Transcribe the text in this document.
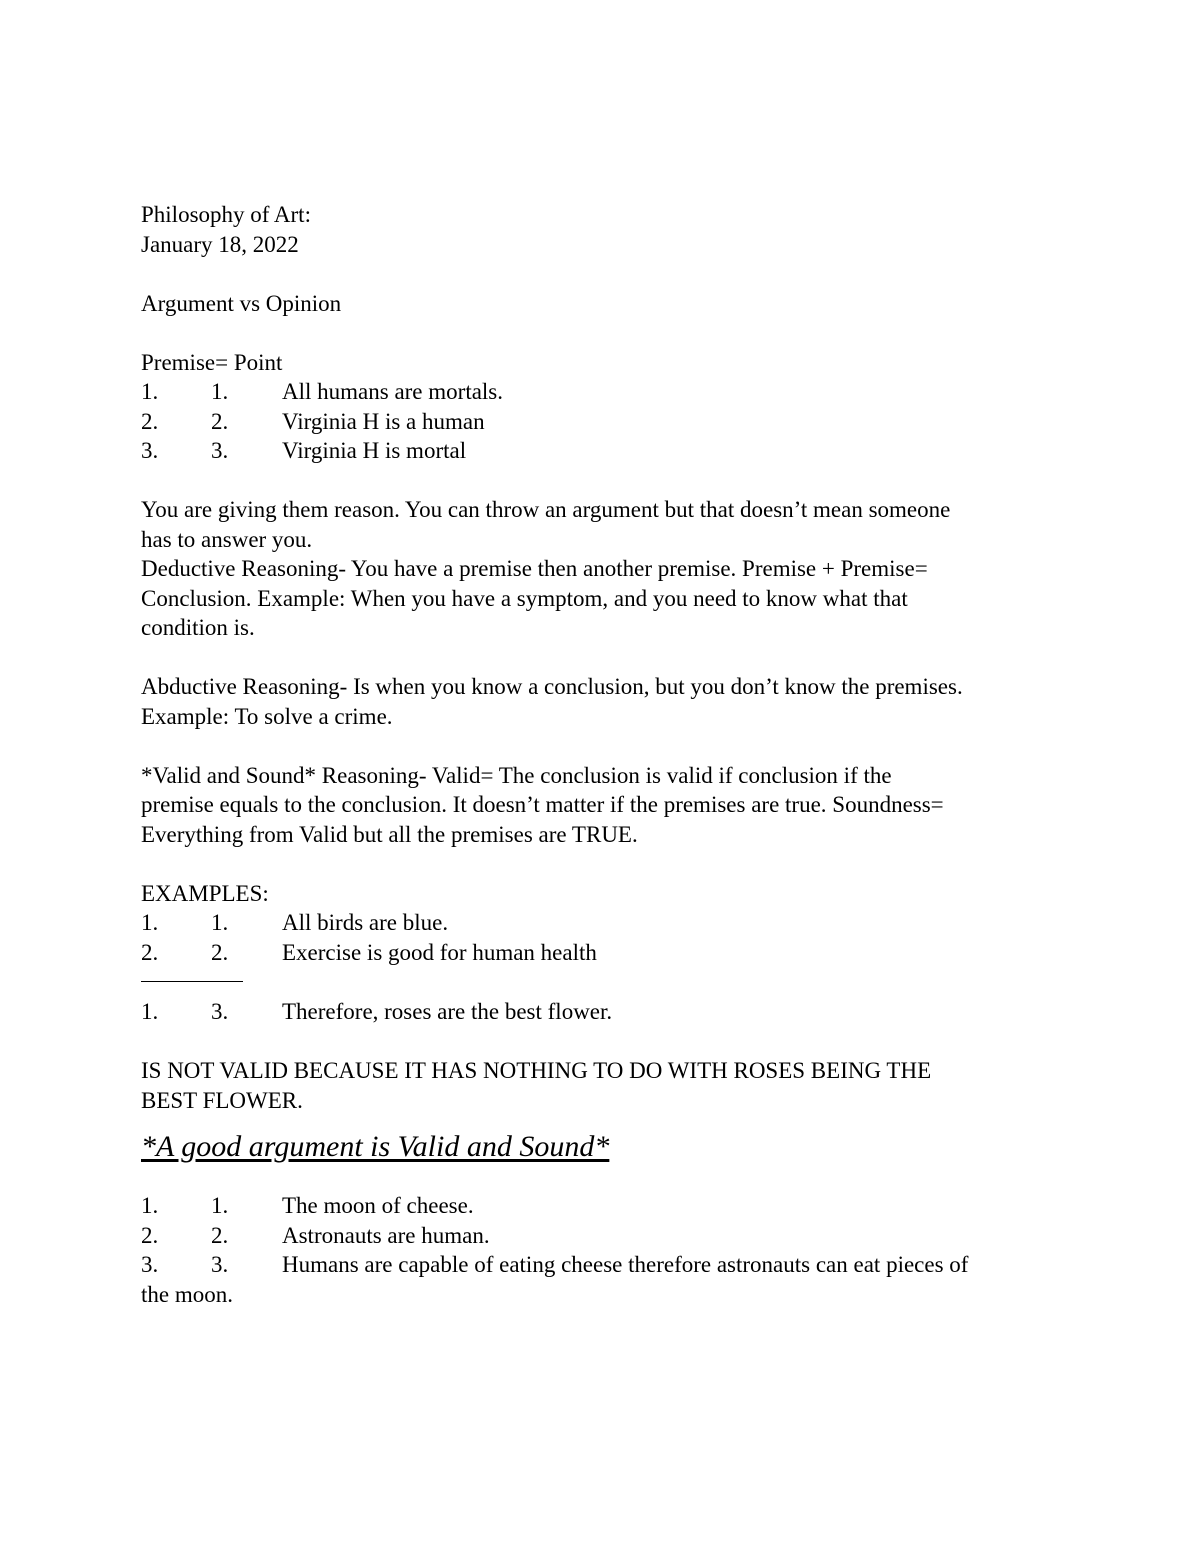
Philosophy of Art:
January 18, 2022
Argument vs Opinion
Premise= Point
1.	1.	All humans are mortals.
2.	2.	Virginia H is a human
3.	3.	Virginia H is mortal
You are giving them reason. You can throw an argument but that doesn’t mean someone
has to answer you.
Deductive Reasoning- You have a premise then another premise. Premise + Premise=
Conclusion. Example: When you have a symptom, and you need to know what that
condition is.
Abductive Reasoning- Is when you know a conclusion, but you don’t know the premises.
Example: To solve a crime.
*Valid and Sound* Reasoning- Valid= The conclusion is valid if conclusion if the
premise equals to the conclusion. It doesn’t matter if the premises are true. Soundness=
Everything from Valid but all the premises are TRUE.
EXAMPLES:
1.	1.	All birds are blue.
2.	2.	Exercise is good for human health
1.	3.	Therefore, roses are the best flower.
IS NOT VALID BECAUSE IT HAS NOTHING TO DO WITH ROSES BEING THE
BEST FLOWER.
*A good argument is Valid and Sound*
1.	1.	The moon of cheese.
2.	2.	Astronauts are human.
3.	3.	Humans are capable of eating cheese therefore astronauts can eat pieces of
the moon.
